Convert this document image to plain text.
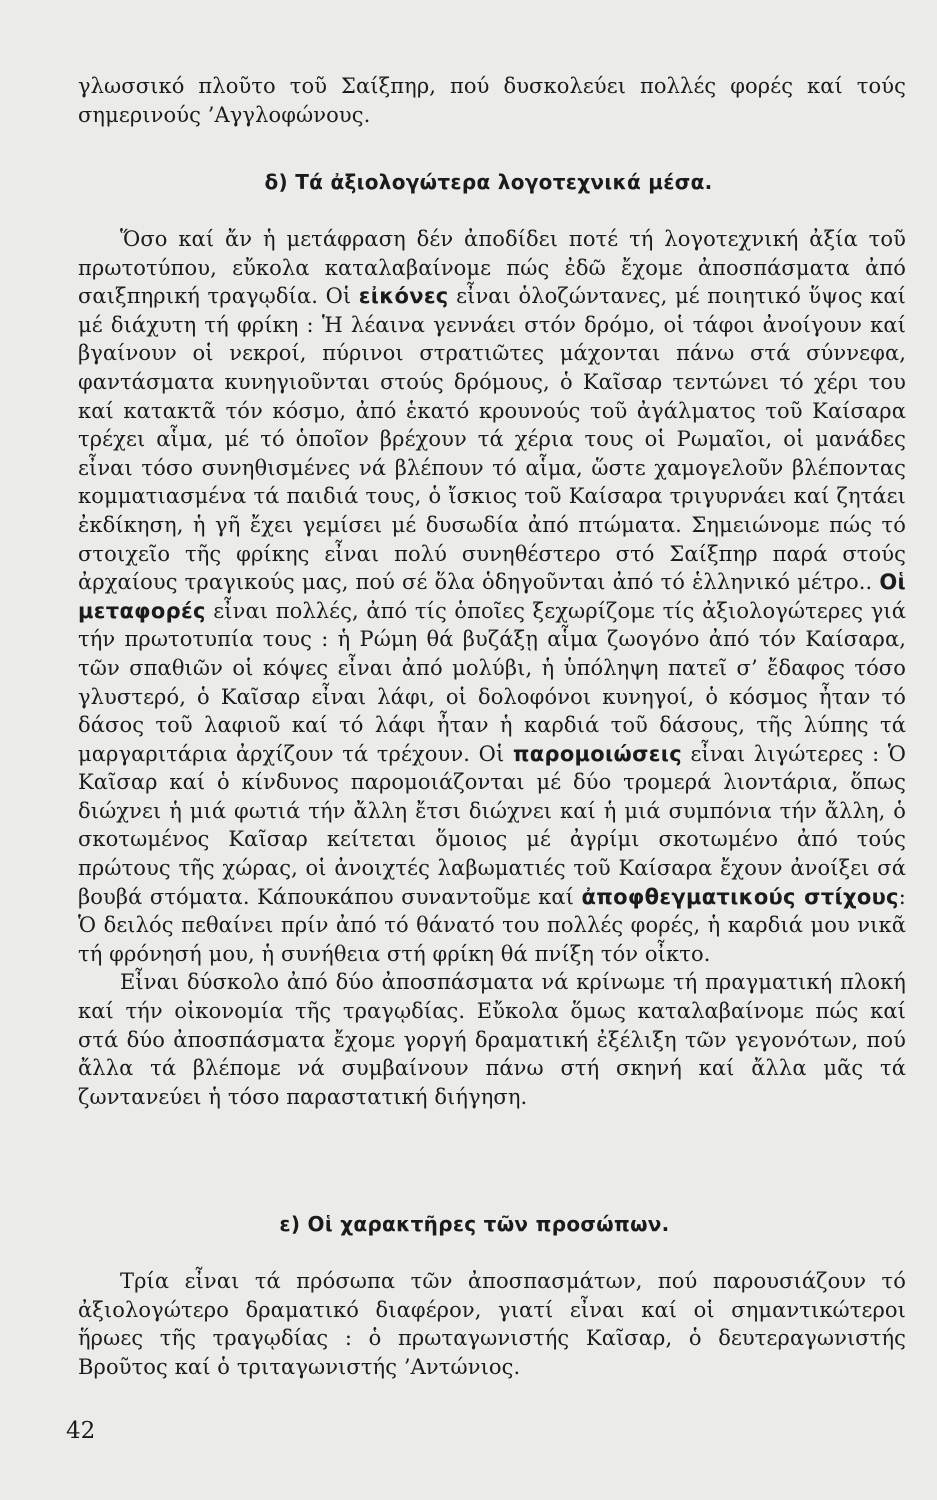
γλωσσικό πλοῦτο τοῦ Σαίξπηρ, πού δυσκολεύει πολλές φορές καί τούς σημερινούς ’Αγγλοφώνους.

δ) Τά ἀξιολογώτερα λογοτεχνικά μέσα.

Ὅσο καί ἄν ἡ μετάφραση δέν ἀποδίδει ποτέ τή λογοτεχνική ἀξία τοῦ πρωτοτύπου, εὔκολα καταλαβαίνομε πώς ἐδῶ ἔχομε ἀποσπάσματα ἀπό σαιξπηρική τραγῳδία. Οἱ εἰκόνες εἶναι ὁλοζώντανες, μέ ποιητικό ὕψος καί μέ διάχυτη τή φρίκη : Ἡ λέαινα γεννάει στόν δρόμο, οἱ τάφοι ἀνοίγουν καί βγαίνουν οἱ νεκροί, πύρινοι στρατιῶτες μάχονται πάνω στά σύννεφα, φαντάσματα κυνηγιοῦνται στούς δρόμους, ὁ Καῖσαρ τεντώνει τό χέρι του καί κατακτᾶ τόν κόσμο, ἀπό ἑκατό κρουνούς τοῦ ἀγάλματος τοῦ Καίσαρα τρέχει αἷμα, μέ τό ὁποῖον βρέχουν τά χέρια τους οἱ Ρωμαῖοι, οἱ μανάδες εἶναι τόσο συνηθισμένες νά βλέπουν τό αἷμα, ὥστε χαμογελοῦν βλέποντας κομματιασμένα τά παιδιά τους, ὁ ἴσκιος τοῦ Καίσαρα τριγυρνάει καί ζητάει ἐκδίκηση, ἡ γῆ ἔχει γεμίσει μέ δυσωδία ἀπό πτώματα. Σημειώνομε πώς τό στοιχεῖο τῆς φρίκης εἶναι πολύ συνηθέστερο στό Σαίξπηρ παρά στούς ἀρχαίους τραγικούς μας, πού σέ ὅλα ὁδηγοῦνται ἀπό τό ἑλληνικό μέτρο.. Οἱ μεταφορές εἶναι πολλές, ἀπό τίς ὁποῖες ξεχωρίζομε τίς ἀξιολογώτερες γιά τήν πρωτοτυπία τους : ἡ Ρώμη θά βυζάξῃ αἷμα ζωογόνο ἀπό τόν Καίσαρα, τῶν σπαθιῶν οἱ κόψες εἶναι ἀπό μολύβι, ἡ ὑπόληψη πατεῖ σ’ ἔδαφος τόσο γλυστερό, ὁ Καῖσαρ εἶναι λάφι, οἱ δολοφόνοι κυνηγοί, ὁ κόσμος ἦταν τό δάσος τοῦ λαφιοῦ καί τό λάφι ἦταν ἡ καρδιά τοῦ δάσους, τῆς λύπης τά μαργαριτάρια ἀρχίζουν τά τρέχουν. Οἱ παρομοιώσεις εἶναι λιγώτερες : Ὁ Καῖσαρ καί ὁ κίνδυνος παρομοιάζονται μέ δύο τρομερά λιοντάρια, ὅπως διώχνει ἡ μιά φωτιά τήν ἄλλη ἔτσι διώχνει καί ἡ μιά συμπόνια τήν ἄλλη, ὁ σκοτωμένος Καῖσαρ κείτεται ὅμοιος μέ ἀγρίμι σκοτωμένο ἀπό τούς πρώτους τῆς χώρας, οἱ ἀνοιχτές λαβωματιές τοῦ Καίσαρα ἔχουν ἀνοίξει σά βουβά στόματα. Κάπουκάπου συναντοῦμε καί ἀποφθεγματικούς στίχους: Ὁ δειλός πεθαίνει πρίν ἀπό τό θάνατό του πολλές φορές, ἡ καρδιά μου νικᾶ τή φρόνησή μου, ἡ συνήθεια στή φρίκη θά πνίξη τόν οἶκτο.

Εἶναι δύσκολο ἀπό δύο ἀποσπάσματα νά κρίνωμε τή πραγματική πλοκή καί τήν οἰκονομία τῆς τραγῳδίας. Εὔκολα ὅμως καταλαβαίνομε πώς καί στά δύο ἀποσπάσματα ἔχομε γοργή δραματική ἐξέλιξη τῶν γεγονότων, πού ἄλλα τά βλέπομε νά συμβαίνουν πάνω στή σκηνή καί ἄλλα μᾶς τά ζωντανεύει ἡ τόσο παραστατική διήγηση.

ε) Οἱ χαρακτῆρες τῶν προσώπων.

Τρία εἶναι τά πρόσωπα τῶν ἀποσπασμάτων, πού παρουσιάζουν τό ἀξιολογώτερο δραματικό διαφέρον, γιατί εἶναι καί οἱ σημαντικώτεροι ἥρωες τῆς τραγῳδίας : ὁ πρωταγωνιστής Καῖσαρ, ὁ δευτεραγωνιστής Βροῦτος καί ὁ τριταγωνιστής ’Αντώνιος.

42
